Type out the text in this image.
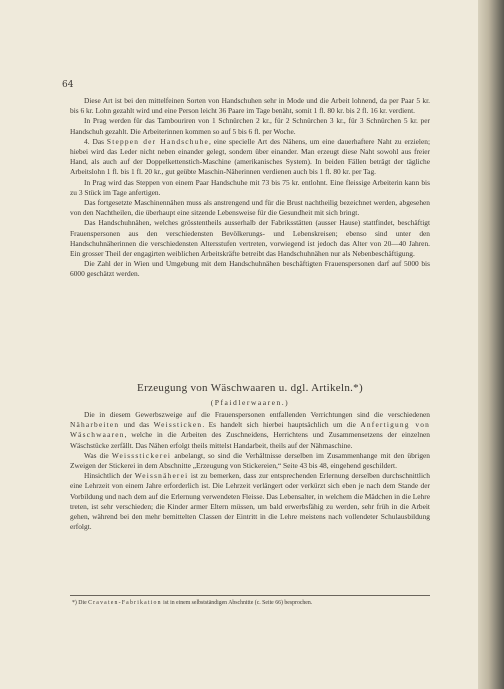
64

Diese Art ist bei den mittelfeinen Sorten von Handschuhen sehr in Mode und die Arbeit lohnend, da per Paar 5 kr. bis 6 kr. Lohn gezahlt wird und eine Person leicht 36 Paare im Tage benäht, somit 1 fl. 80 kr. bis 2 fl. 16 kr. verdient.

In Prag werden für das Tambouriren von 1 Schnürchen 2 kr., für 2 Schnürchen 3 kr., für 3 Schnürchen 5 kr. per Handschuh gezahlt. Die Arbeiterinnen kommen so auf 5 bis 6 fl. per Woche.

4. Das Steppen der Handschuhe, eine specielle Art des Nähens, um eine dauerhaftere Naht zu erzielen; hiebei wird das Leder nicht neben einander gelegt, sondern über einander. Man erzeugt diese Naht sowohl aus freier Hand, als auch auf der Doppelkettenstich-Maschine (amerikanisches System). In beiden Fällen beträgt der tägliche Arbeitslohn 1 fl. bis 1 fl. 20 kr., gut geübte Maschin-Näherinnen verdienen auch bis 1 fl. 80 kr. per Tag.

In Prag wird das Steppen von einem Paar Handschuhe mit 73 bis 75 kr. entlohnt. Eine fleissige Arbeiterin kann bis zu 3 Stück im Tage anfertigen.

Das fortgesetzte Maschinennähen muss als anstrengend und für die Brust nachtheilig bezeichnet werden, abgesehen von den Nachtheilen, die überhaupt eine sitzende Lebensweise für die Gesundheit mit sich bringt.

Das Handschuhnähen, welches grösstentheils ausserhalb der Fabriksstätten (ausser Hause) stattfindet, beschäftigt Frauenspersonen aus den verschiedensten Bevölkerungs- und Lebenskreisen; ebenso sind unter den Handschuhnäherinnen die verschiedensten Altersstufen vertreten, vorwiegend ist jedoch das Alter von 20—40 Jahren. Ein grosser Theil der engagirten weiblichen Arbeitskräfte betreibt das Handschuhnähen nur als Nebenbeschäftigung.

Die Zahl der in Wien und Umgebung mit dem Handschuhnähen beschäftigten Frauenspersonen darf auf 5000 bis 6000 geschätzt werden.

Erzeugung von Wäschwaaren u. dgl. Artikeln.*)
(Pfaidlerwaaren.)

Die in diesem Gewerbszweige auf die Frauenspersonen entfallenden Verrichtungen sind die verschiedenen Näharbeiten und das Weissticken. Es handelt sich hierbei hauptsächlich um die Anfertigung von Wäschwaaren, welche in die Arbeiten des Zuschneidens, Herrichtens und Zusammensetzens der einzelnen Wäschstücke zerfällt. Das Nähen erfolgt theils mittelst Handarbeit, theils auf der Nähmaschine.

Was die Weissstickerei anbelangt, so sind die Verhältnisse derselben im Zusammenhange mit den übrigen Zweigen der Stickerei in dem Abschnitte „Erzeugung von Stickereien,“ Seite 43 bis 48, eingehend geschildert.

Hinsichtlich der Weissnäherei ist zu bemerken, dass zur entsprechenden Erlernung derselben durchschnittlich eine Lehrzeit von einem Jahre erforderlich ist. Die Lehrzeit verlängert oder verkürzt sich eben je nach dem Stande der Vorbildung und nach dem auf die Erlernung verwendeten Fleisse. Das Lebensalter, in welchem die Mädchen in die Lehre treten, ist sehr verschieden; die Kinder armer Eltern müssen, um bald erwerbsfähig zu werden, sehr früh in die Arbeit gehen, während bei den mehr bemittelten Classen der Eintritt in die Lehre meistens nach vollendeter Schulausbildung erfolgt.

*) Die Cravaten-Fabrikation ist in einem selbstständigen Abschnitte (c. Seite 66) besprochen.
